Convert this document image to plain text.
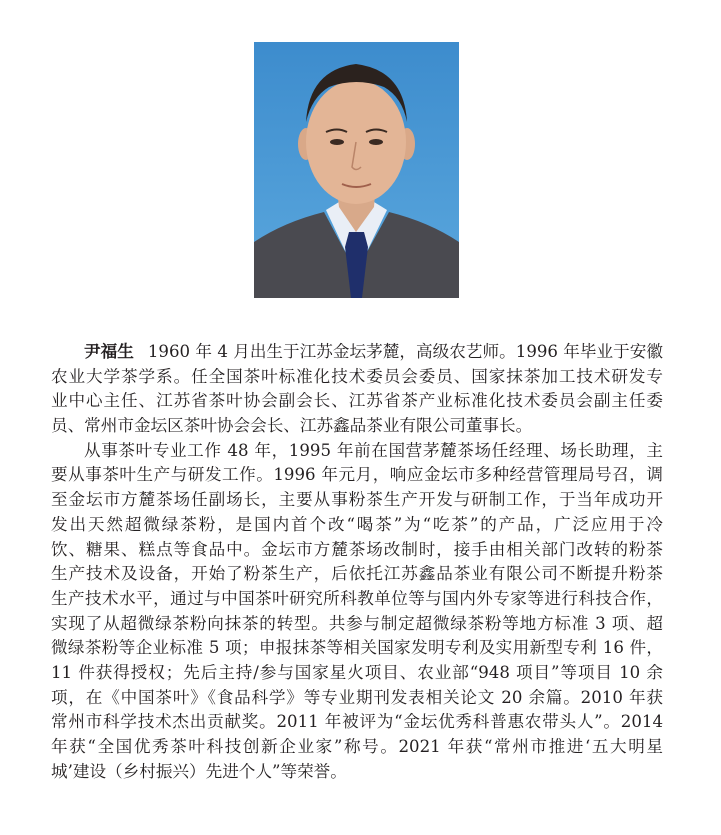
尹福生 1960 年 4 月出生于江苏金坛茅麓，高级农艺师。1996 年毕业于安徽
农业大学茶学系。任全国茶叶标准化技术委员会委员、国家抹茶加工技术研发专
业中心主任、江苏省茶叶协会副会长、江苏省茶产业标准化技术委员会副主任委
员、常州市金坛区茶叶协会会长、江苏鑫品茶业有限公司董事长。
从事茶叶专业工作 48 年，1995 年前在国营茅麓茶场任经理、场长助理，主
要从事茶叶生产与研发工作。1996 年元月，响应金坛市多种经营管理局号召，调
至金坛市方麓茶场任副场长，主要从事粉茶生产开发与研制工作，于当年成功开
发出天然超微绿茶粉，是国内首个改“喝茶”为“吃茶”的产品，广泛应用于冷
饮、糖果、糕点等食品中。金坛市方麓茶场改制时，接手由相关部门改转的粉茶
生产技术及设备，开始了粉茶生产，后依托江苏鑫品茶业有限公司不断提升粉茶
生产技术水平，通过与中国茶叶研究所科教单位等与国内外专家等进行科技合作，
实现了从超微绿茶粉向抹茶的转型。共参与制定超微绿茶粉等地方标准 3 项、超
微绿茶粉等企业标准 5 项；申报抹茶等相关国家发明专利及实用新型专利 16 件，
11 件获得授权；先后主持/参与国家星火项目、农业部“948 项目”等项目 10 余
项，在《中国茶叶》《食品科学》等专业期刊发表相关论文 20 余篇。2010 年获
常州市科学技术杰出贡献奖。2011 年被评为“金坛优秀科普惠农带头人”。2014
年获“全国优秀茶叶科技创新企业家”称号。2021 年获“常州市推进‘五大明星
城’建设（乡村振兴）先进个人”等荣誉。
